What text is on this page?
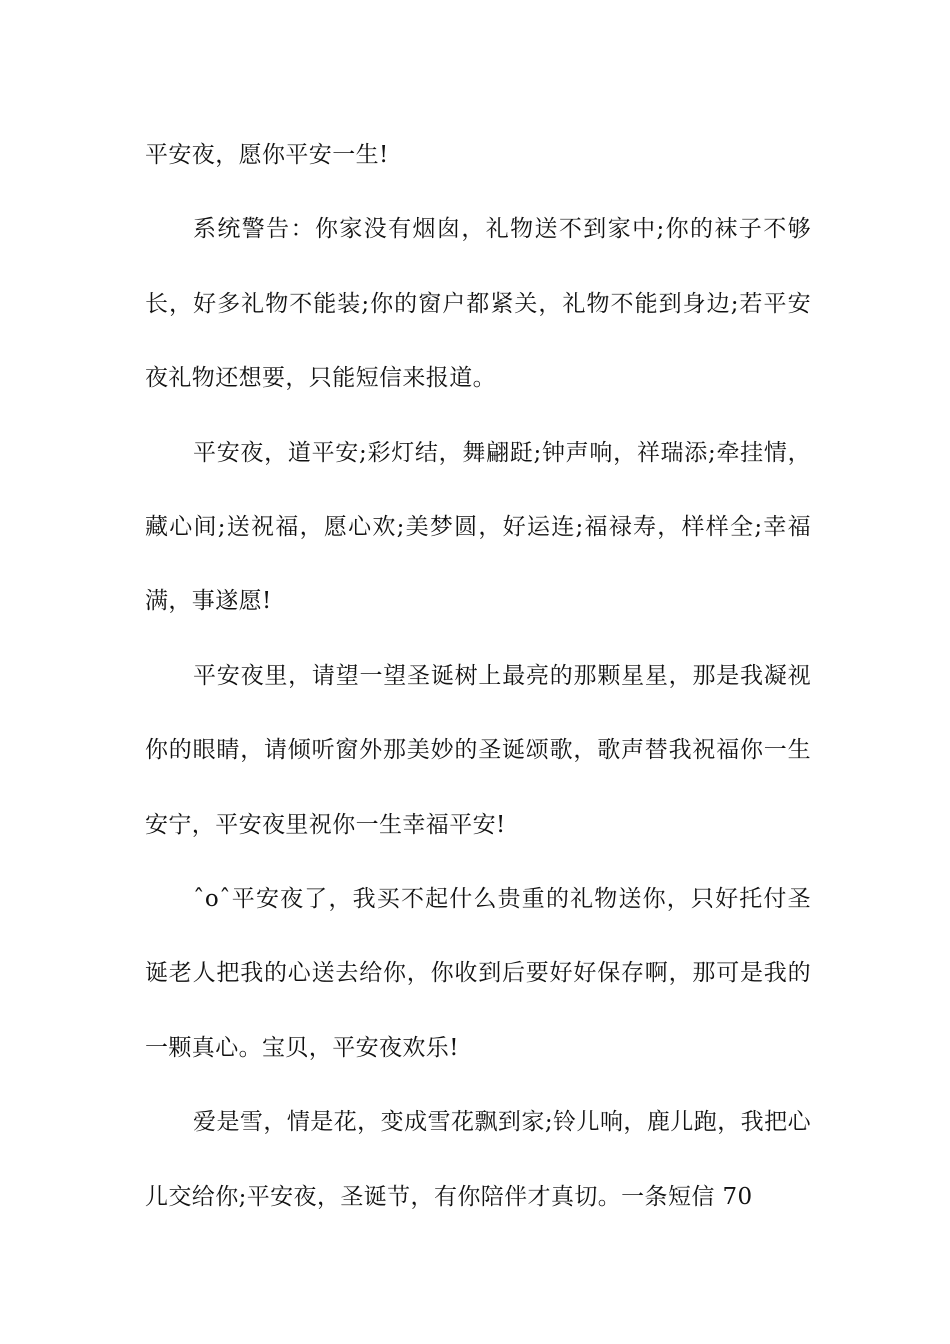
平安夜，愿你平安一生!

系统警告：你家没有烟囱，礼物送不到家中;你的袜子不够长，好多礼物不能装;你的窗户都紧关，礼物不能到身边;若平安夜礼物还想要，只能短信来报道。

平安夜，道平安;彩灯结，舞翩跹;钟声响，祥瑞添;牵挂情，藏心间;送祝福，愿心欢;美梦圆，好运连;福禄寿，样样全;幸福满，事遂愿!

平安夜里，请望一望圣诞树上最亮的那颗星星，那是我凝视你的眼睛，请倾听窗外那美妙的圣诞颂歌，歌声替我祝福你一生安宁，平安夜里祝你一生幸福平安!

ˆoˆ平安夜了，我买不起什么贵重的礼物送你，只好托付圣诞老人把我的心送去给你，你收到后要好好保存啊，那可是我的一颗真心。宝贝，平安夜欢乐!

爱是雪，情是花，变成雪花飘到家;铃儿响，鹿儿跑，我把心儿交给你;平安夜，圣诞节，有你陪伴才真切。一条短信 70
